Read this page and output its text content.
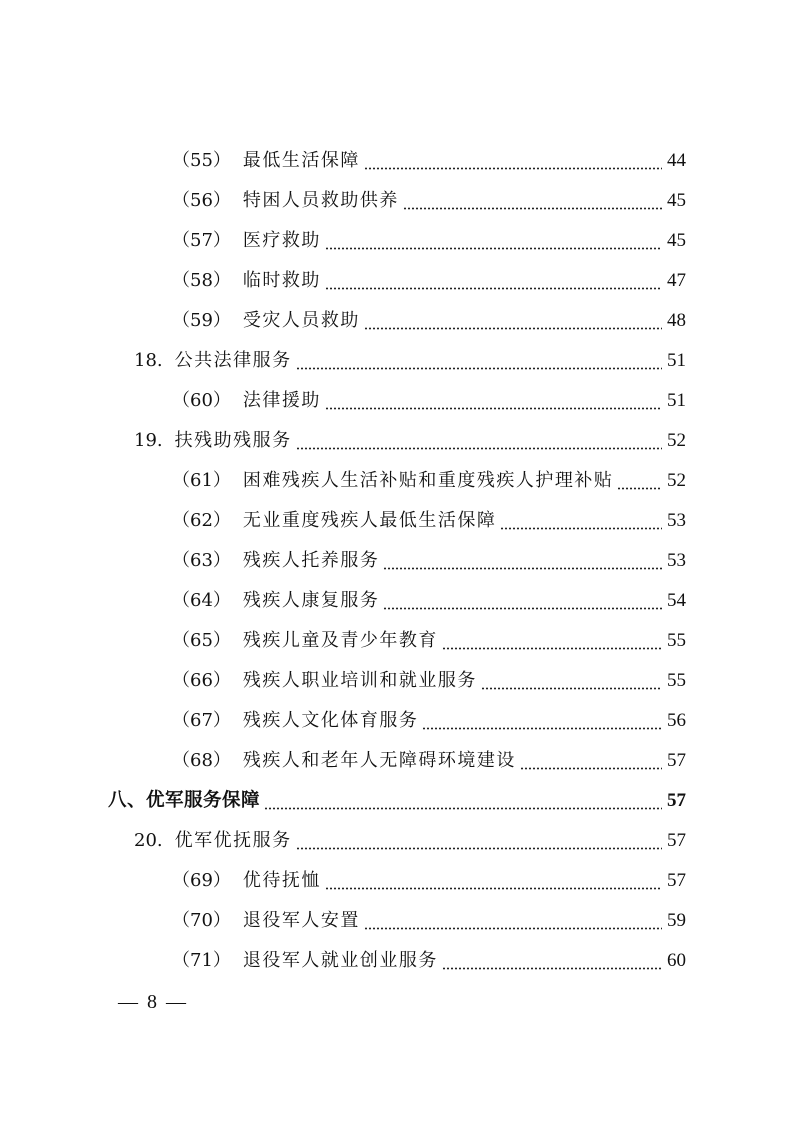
（55） 最低生活保障	44
（56） 特困人员救助供养	45
（57） 医疗救助	45
（58） 临时救助	47
（59） 受灾人员救助	48
18. 公共法律服务	51
（60） 法律援助	51
19. 扶残助残服务	52
（61） 困难残疾人生活补贴和重度残疾人护理补贴	52
（62） 无业重度残疾人最低生活保障	53
（63） 残疾人托养服务	53
（64） 残疾人康复服务	54
（65） 残疾儿童及青少年教育	55
（66） 残疾人职业培训和就业服务	55
（67） 残疾人文化体育服务	56
（68） 残疾人和老年人无障碍环境建设	57
八、优军服务保障	57
20. 优军优抚服务	57
（69） 优待抚恤	57
（70） 退役军人安置	59
（71） 退役军人就业创业服务	60
— 8 —
